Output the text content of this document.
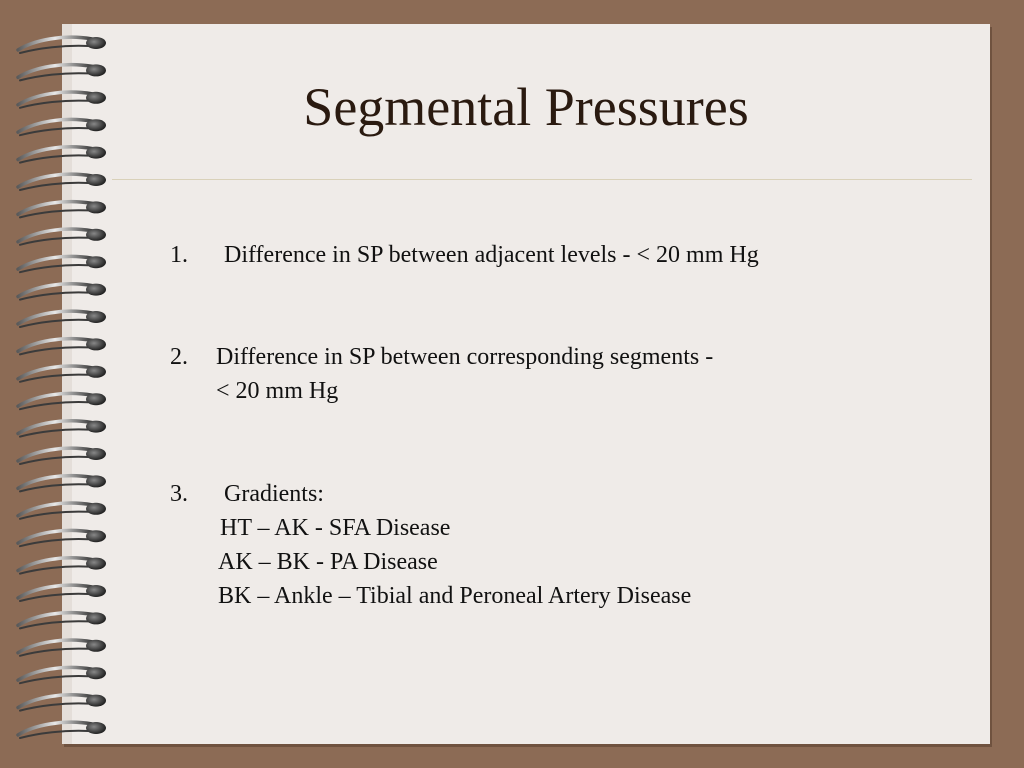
Segmental Pressures
1. Difference in SP between adjacent levels - < 20 mm Hg
2. Difference in SP between corresponding segments -
< 20 mm Hg
3. Gradients:
HT – AK - SFA Disease
AK – BK - PA Disease
BK – Ankle – Tibial and Peroneal Artery Disease
